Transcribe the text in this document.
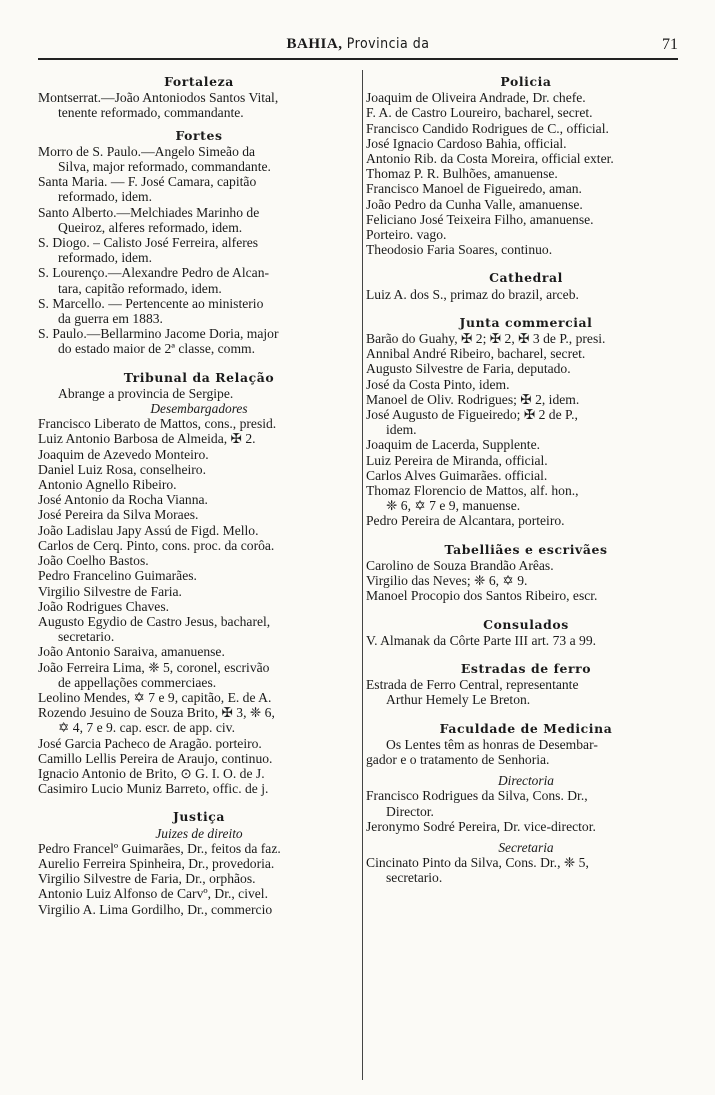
BAHIA, Provincia da	71
Fortaleza
Montserrat.—João Antoniodos Santos Vital,
tenente reformado, commandante.
Fortes
Morro de S. Paulo.—Angelo Simeão da
Silva, major reformado, commandante.
Santa Maria. — F. José Camara, capitão
reformado, idem.
Santo Alberto.—Melchiades Marinho de
Queiroz, alferes reformado, idem.
S. Diogo. – Calisto José Ferreira, alferes
reformado, idem.
S. Lourenço.—Alexandre Pedro de Alcan-
tara, capitão reformado, idem.
S. Marcello. — Pertencente ao ministerio
da guerra em 1883.
S. Paulo.—Bellarmino Jacome Doria, major
do estado maior de 2ª classe, comm.
Tribunal da Relação
Abrange a provincia de Sergipe.
Desembargadores
Francisco Liberato de Mattos, cons., presid.
Luiz Antonio Barbosa de Almeida, ✠ 2.
Joaquim de Azevedo Monteiro.
Daniel Luiz Rosa, conselheiro.
Antonio Agnello Ribeiro.
José Antonio da Rocha Vianna.
José Pereira da Silva Moraes.
João Ladislau Japy Assú de Figd. Mello.
Carlos de Cerq. Pinto, cons. proc. da corôa.
João Coelho Bastos.
Pedro Francelino Guimarães.
Virgilio Silvestre de Faria.
João Rodrigues Chaves.
Augusto Egydio de Castro Jesus, bacharel,
secretario.
João Antonio Saraiva, amanuense.
João Ferreira Lima, ❈ 5, coronel, escrivão
de appellações commerciaes.
Leolino Mendes, ✡ 7 e 9, capitão, E. de A.
Rozendo Jesuino de Souza Brito, ✠ 3, ❈ 6,
✡ 4, 7 e 9. cap. escr. de app. civ.
José Garcia Pacheco de Aragão. porteiro.
Camillo Lellis Pereira de Araujo, continuo.
Ignacio Antonio de Brito, ⊙ G. I. O. de J.
Casimiro Lucio Muniz Barreto, offic. de j.
Justiça
Juizes de direito
Pedro Francelº Guimarães, Dr., feitos da faz.
Aurelio Ferreira Spinheira, Dr., provedoria.
Virgilio Silvestre de Faria, Dr., orphãos.
Antonio Luiz Alfonso de Carvº, Dr., civel.
Virgilio A. Lima Gordilho, Dr., commercio
Policia
Joaquim de Oliveira Andrade, Dr. chefe.
F. A. de Castro Loureiro, bacharel, secret.
Francisco Candido Rodrigues de C., official.
José Ignacio Cardoso Bahia, official.
Antonio Rib. da Costa Moreira, official exter.
Thomaz P. R. Bulhões, amanuense.
Francisco Manoel de Figueiredo, aman.
João Pedro da Cunha Valle, amanuense.
Feliciano José Teixeira Filho, amanuense.
Porteiro. vago.
Theodosio Faria Soares, continuo.
Cathedral
Luiz A. dos S., primaz do brazil, arceb.
Junta commercial
Barão do Guahy, ✠ 2; ✠ 2, ✠ 3 de P., presi.
Annibal André Ribeiro, bacharel, secret.
Augusto Silvestre de Faria, deputado.
José da Costa Pinto, idem.
Manoel de Oliv. Rodrigues; ✠ 2, idem.
José Augusto de Figueiredo; ✠ 2 de P.,
idem.
Joaquim de Lacerda, Supplente.
Luiz Pereira de Miranda, official.
Carlos Alves Guimarães. official.
Thomaz Florencio de Mattos, alf. hon.,
❈ 6, ✡ 7 e 9, manuense.
Pedro Pereira de Alcantara, porteiro.
Tabelliães e escrivães
Carolino de Souza Brandão Arêas.
Virgilio das Neves; ❈ 6, ✡ 9.
Manoel Procopio dos Santos Ribeiro, escr.
Consulados
V. Almanak da Côrte Parte III art. 73 a 99.
Estradas de ferro
Estrada de Ferro Central, representante
Arthur Hemely Le Breton.
Faculdade de Medicina
Os Lentes têm as honras de Desembar-
gador e o tratamento de Senhoria.
Directoria
Francisco Rodrigues da Silva, Cons. Dr.,
Director.
Jeronymo Sodré Pereira, Dr. vice-director.
Secretaria
Cincinato Pinto da Silva, Cons. Dr., ❈ 5,
secretario.
